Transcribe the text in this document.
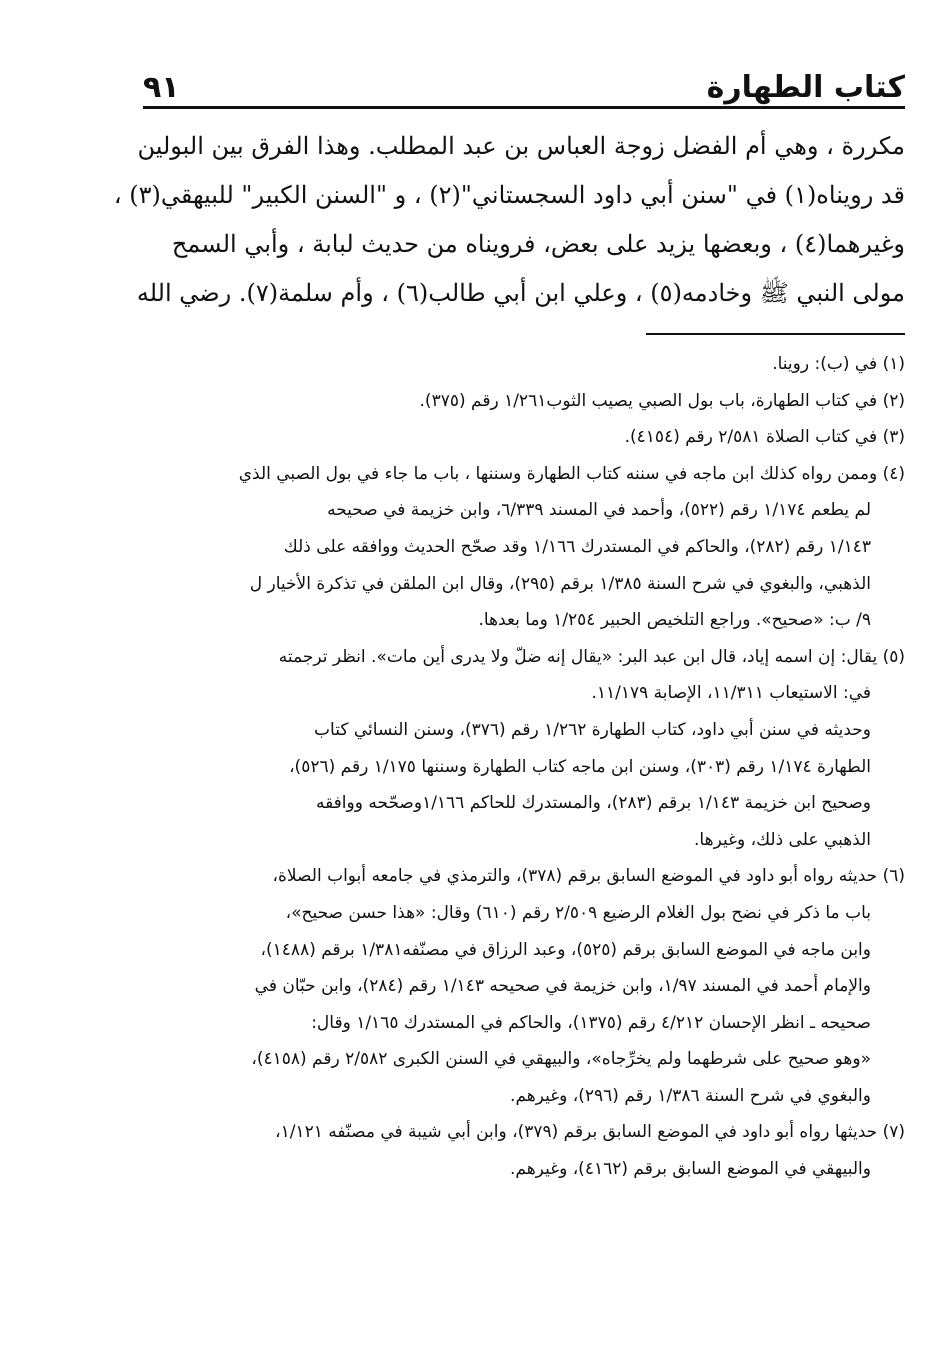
كتاب الطهارة
٩١
مكررة ، وهي أم الفضل زوجة العباس بن عبد المطلب. وهذا الفرق بين البولين
قد رويناه(١) في "سنن أبي داود السجستاني"(٢) ، و "السنن الكبير" للبيهقي(٣) ،
وغيرهما(٤) ، وبعضها يزيد على بعض، فرويناه من حديث لبابة ، وأبي السمح
مولى النبي ﷺ وخادمه(٥) ، وعلي ابن أبي طالب(٦) ، وأم سلمة(٧). رضي الله
(١) في (ب): روينا.
(٢) في كتاب الطهارة، باب بول الصبي يصيب الثوب١/٢٦١ رقم (٣٧٥).
(٣) في كتاب الصلاة ٢/٥٨١ رقم (٤١٥٤).
(٤) وممن رواه كذلك ابن ماجه في سننه كتاب الطهارة وسننها ، باب ما جاء في بول الصبي الذي
لم يطعم ١/١٧٤ رقم (٥٢٢)، وأحمد في المسند ٦/٣٣٩، وابن خزيمة في صحيحه
١/١٤٣ رقم (٢٨٢)، والحاكم في المستدرك ١/١٦٦ وقد صحّح الحديث ووافقه على ذلك
الذهبي، والبغوي في شرح السنة ١/٣٨٥ برقم (٢٩٥)، وقال ابن الملقن في تذكرة الأخيار ل
٩/ ب: «صحيح». وراجع التلخيص الحبير ١/٢٥٤ وما بعدها.
(٥) يقال: إن اسمه إياد، قال ابن عبد البر: «يقال إنه ضلّ ولا يدرى أين مات». انظر ترجمته
في: الاستيعاب ١١/٣١١، الإصابة ١١/١٧٩.
وحديثه في سنن أبي داود، كتاب الطهارة ١/٢٦٢ رقم (٣٧٦)، وسنن النسائي كتاب
الطهارة ١/١٧٤ رقم (٣٠٣)، وسنن ابن ماجه كتاب الطهارة وسننها ١/١٧٥ رقم (٥٢٦)،
وصحيح ابن خزيمة ١/١٤٣ برقم (٢٨٣)، والمستدرك للحاكم ١/١٦٦وصحّحه ووافقه
الذهبي على ذلك، وغيرها.
(٦) حديثه رواه أبو داود في الموضع السابق برقم (٣٧٨)، والترمذي في جامعه أبواب الصلاة،
باب ما ذكر في نضح بول الغلام الرضيع ٢/٥٠٩ رقم (٦١٠) وقال: «هذا حسن صحيح»،
وابن ماجه في الموضع السابق برقم (٥٢٥)، وعبد الرزاق في مصنّفه١/٣٨١ برقم (١٤٨٨)،
والإمام أحمد في المسند ١/٩٧، وابن خزيمة في صحيحه ١/١٤٣ رقم (٢٨٤)، وابن حبّان في
صحيحه ـ انظر الإحسان ٤/٢١٢ رقم (١٣٧٥)، والحاكم في المستدرك ١/١٦٥ وقال:
«وهو صحيح على شرطهما ولم يخرِّجاه»، والبيهقي في السنن الكبرى ٢/٥٨٢ رقم (٤١٥٨)،
والبغوي في شرح السنة ١/٣٨٦ رقم (٢٩٦)، وغيرهم.
(٧) حديثها رواه أبو داود في الموضع السابق برقم (٣٧٩)، وابن أبي شيبة في مصنّفه ١/١٢١،
والبيهقي في الموضع السابق برقم (٤١٦٢)، وغيرهم.
